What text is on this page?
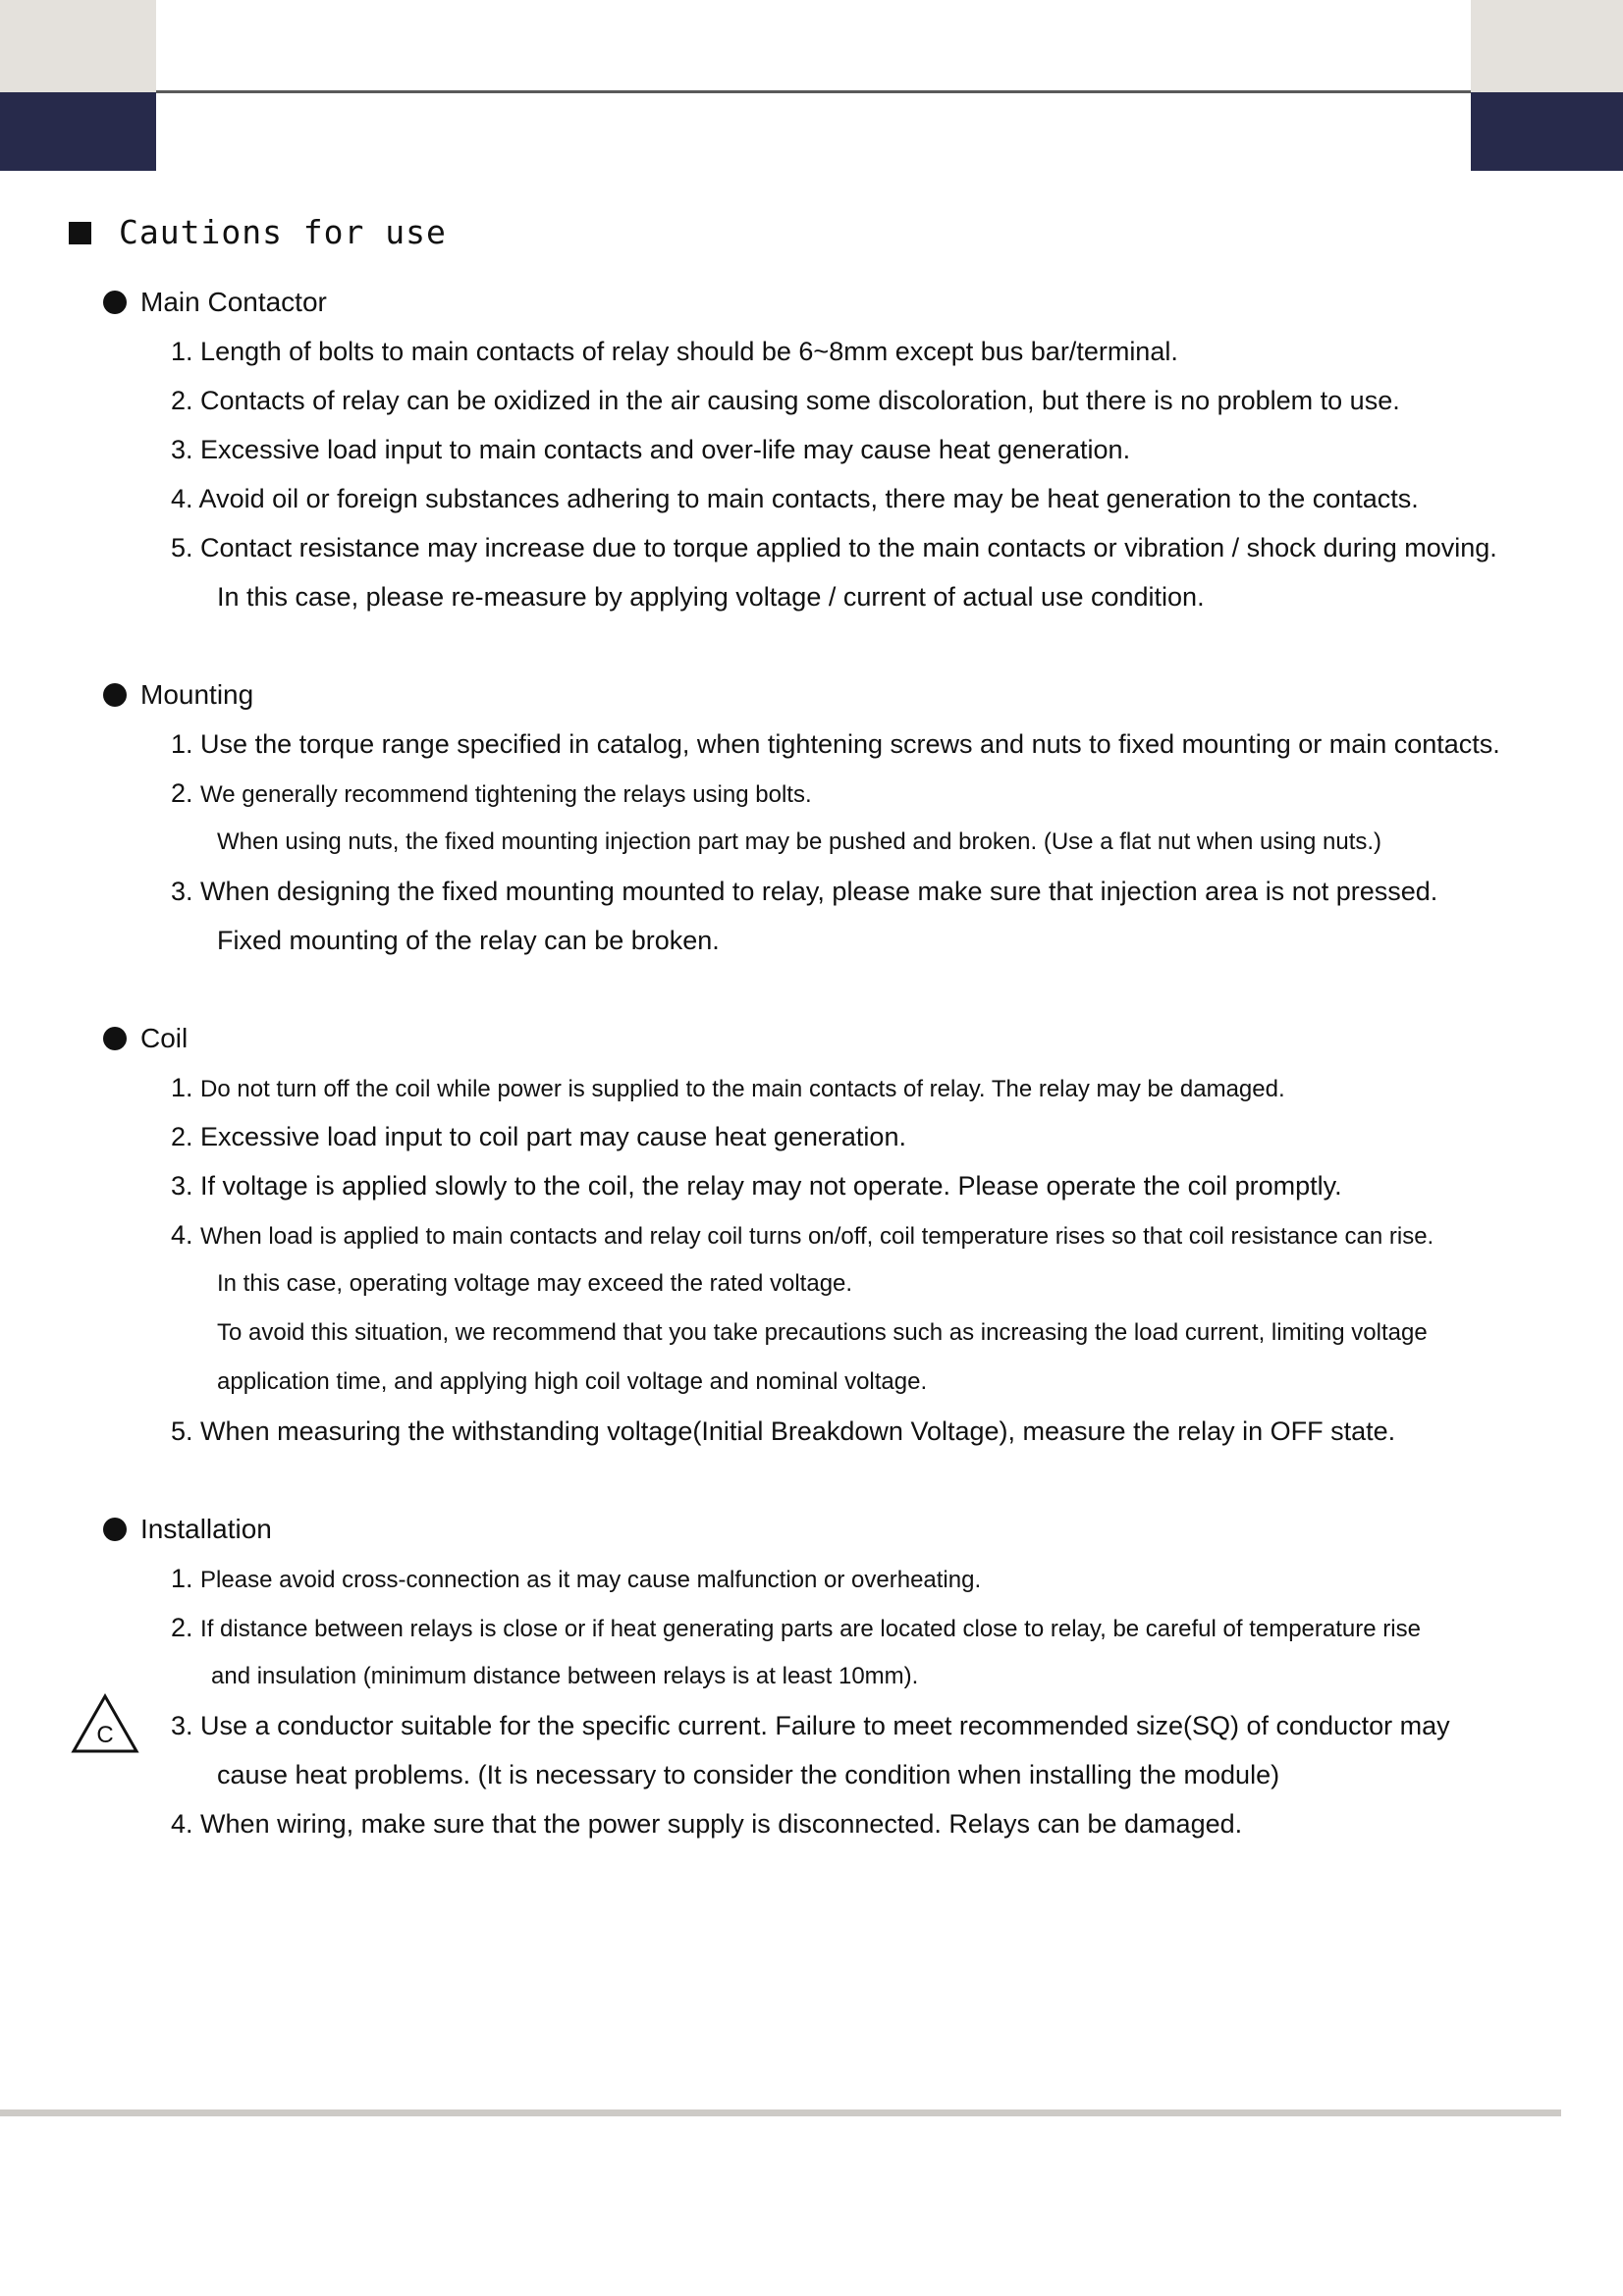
Cautions for use
Main Contactor
1. Length of bolts to main contacts of relay should be 6~8mm except bus bar/terminal.
2. Contacts of relay can be oxidized in the air causing some discoloration, but there is no problem to use.
3. Excessive load input to main contacts and over-life may cause heat generation.
4. Avoid oil or foreign substances adhering to main contacts, there may be heat generation to the contacts.
5. Contact resistance may increase due to torque applied to the main contacts or vibration / shock during moving.
In this case, please re-measure by applying voltage / current of actual use condition.
Mounting
1. Use the torque range specified in catalog, when tightening screws and nuts to fixed mounting or main contacts.
2. We generally recommend tightening the relays using bolts.
When using nuts, the fixed mounting injection part may be pushed and broken. (Use a flat nut when using nuts.)
3. When designing the fixed mounting mounted to relay, please make sure that injection area is not pressed.
Fixed mounting of the relay can be broken.
Coil
1. Do not turn off the coil while power is supplied to the main contacts of relay. The relay may be damaged.
2. Excessive load input to coil part may cause heat generation.
3. If voltage is applied slowly to the coil, the relay may not operate. Please operate the coil promptly.
4. When load is applied to main contacts and relay coil turns on/off, coil temperature rises so that coil resistance can rise.
In this case, operating voltage may exceed the rated voltage.
To avoid this situation, we recommend that you take precautions such as increasing the load current, limiting voltage
application time, and applying high coil voltage and nominal voltage.
5. When measuring the withstanding voltage(Initial Breakdown Voltage), measure the relay in OFF state.
Installation
1. Please avoid cross-connection as it may cause malfunction or overheating.
2. If distance between relays is close or if heat generating parts are located close to relay, be careful of temperature rise
and insulation (minimum distance between relays is at least 10mm).
3. Use a conductor suitable for the specific current. Failure to meet recommended size(SQ) of conductor may
cause heat problems. (It is necessary to consider the condition when installing the module)
4. When wiring, make sure that the power supply is disconnected. Relays can be damaged.
C
